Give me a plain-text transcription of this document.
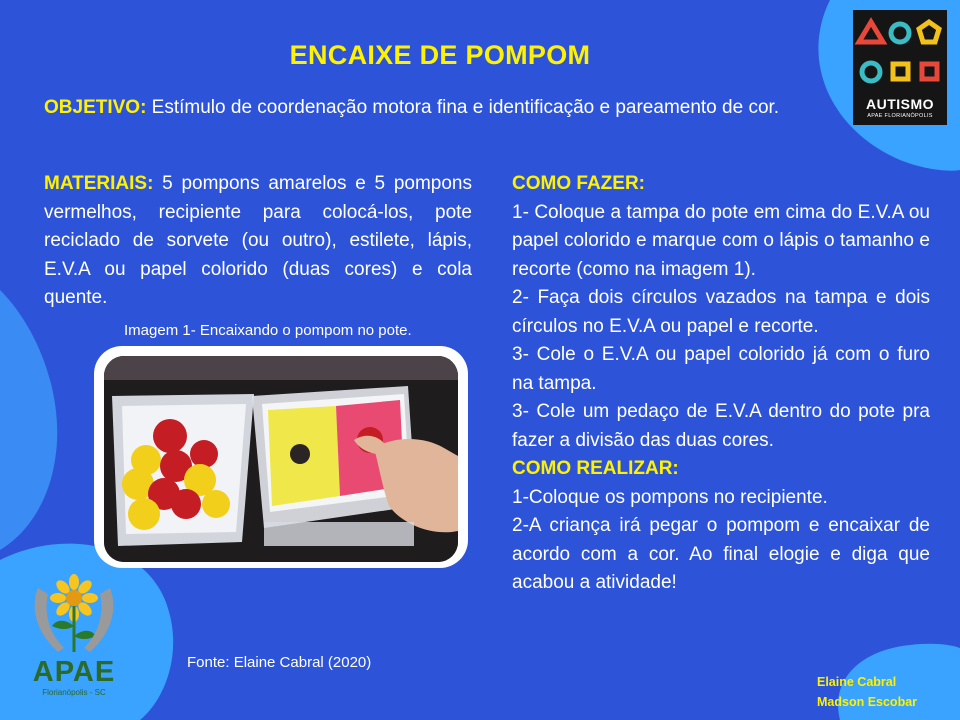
ENCAIXE DE POMPOM
OBJETIVO: Estímulo de coordenação motora fina e identificação e pareamento de cor.
MATERIAIS: 5 pompons amarelos e 5 pompons vermelhos, recipiente para colocá-los, pote reciclado de sorvete (ou outro), estilete, lápis, E.V.A ou papel colorido (duas cores) e cola quente.

COMO FAZER:

1- Coloque a tampa do pote em cima do E.V.A ou papel colorido e marque com o lápis o tamanho e recorte (como na imagem 1).

2- Faça dois círculos vazados na tampa e dois círculos no E.V.A ou papel e recorte.

3- Cole o E.V.A ou papel colorido já com o furo na tampa.

3- Cole um pedaço de E.V.A dentro do pote pra fazer a divisão das duas cores.

COMO REALIZAR:

1-Coloque os pompons no recipiente.

2-A criança irá pegar o pompom e encaixar de acordo com a cor. Ao final elogie e diga que acabou a atividade!

Imagem 1- Encaixando o pompom no pote.
Fonte: Elaine Cabral (2020)
Elaine Cabral
Madson Escobar
AUTISMO
APAE FLORIANÓPOLIS
APAE
Florianópolis - SC
